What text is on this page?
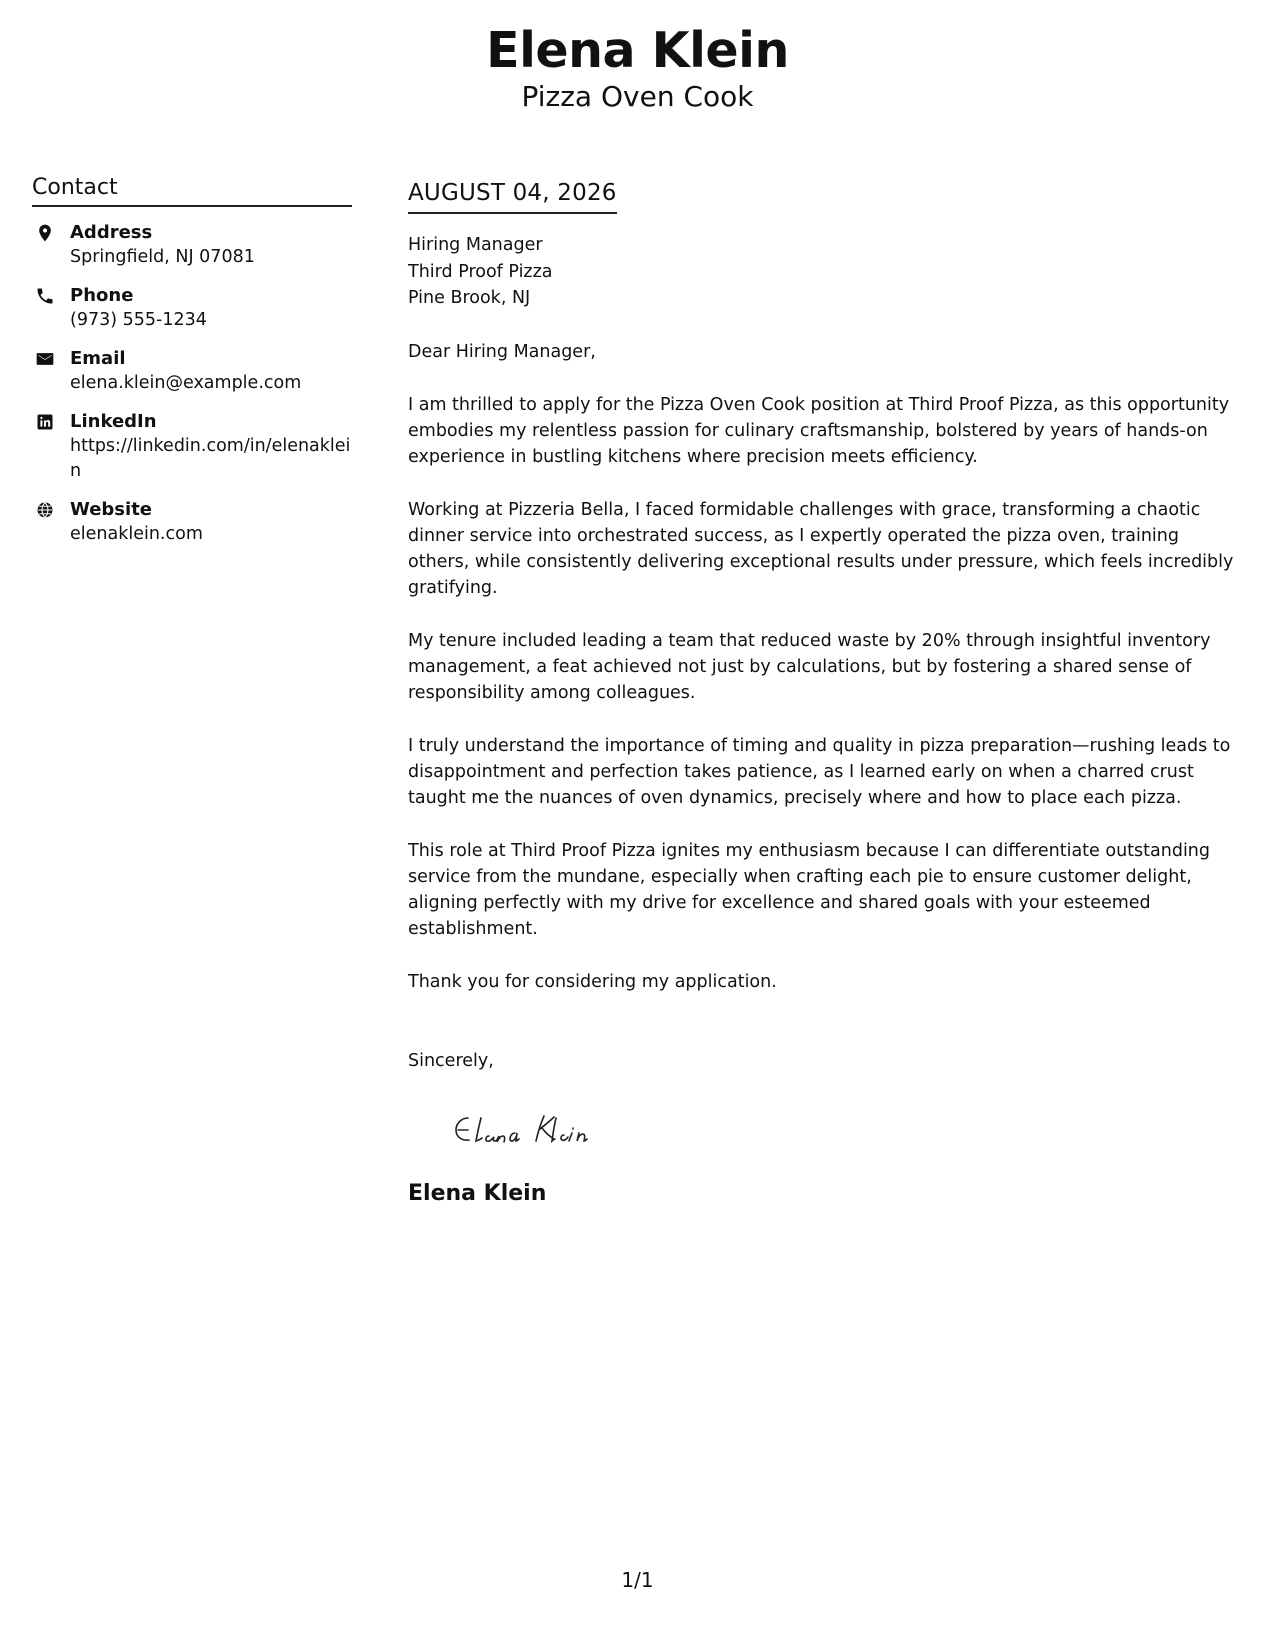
Elena Klein
Pizza Oven Cook
Contact
Address
Springfield, NJ 07081
Phone
(973) 555-1234
Email
elena.klein@example.com
LinkedIn
https://linkedin.com/in/elenaklein
Website
elenaklein.com
AUGUST 04, 2026
Hiring Manager
Third Proof Pizza
Pine Brook, NJ
Dear Hiring Manager,
I am thrilled to apply for the Pizza Oven Cook position at Third Proof Pizza, as this opportunity embodies my relentless passion for culinary craftsmanship, bolstered by years of hands-on experience in bustling kitchens where precision meets efficiency.
Working at Pizzeria Bella, I faced formidable challenges with grace, transforming a chaotic dinner service into orchestrated success, as I expertly operated the pizza oven, training others, while consistently delivering exceptional results under pressure, which feels incredibly gratifying.
My tenure included leading a team that reduced waste by 20% through insightful inventory management, a feat achieved not just by calculations, but by fostering a shared sense of responsibility among colleagues.
I truly understand the importance of timing and quality in pizza preparation—rushing leads to disappointment and perfection takes patience, as I learned early on when a charred crust taught me the nuances of oven dynamics, precisely where and how to place each pizza.
This role at Third Proof Pizza ignites my enthusiasm because I can differentiate outstanding service from the mundane, especially when crafting each pie to ensure customer delight, aligning perfectly with my drive for excellence and shared goals with your esteemed establishment.
Thank you for considering my application.
Sincerely,
Elena Klein
1/1
